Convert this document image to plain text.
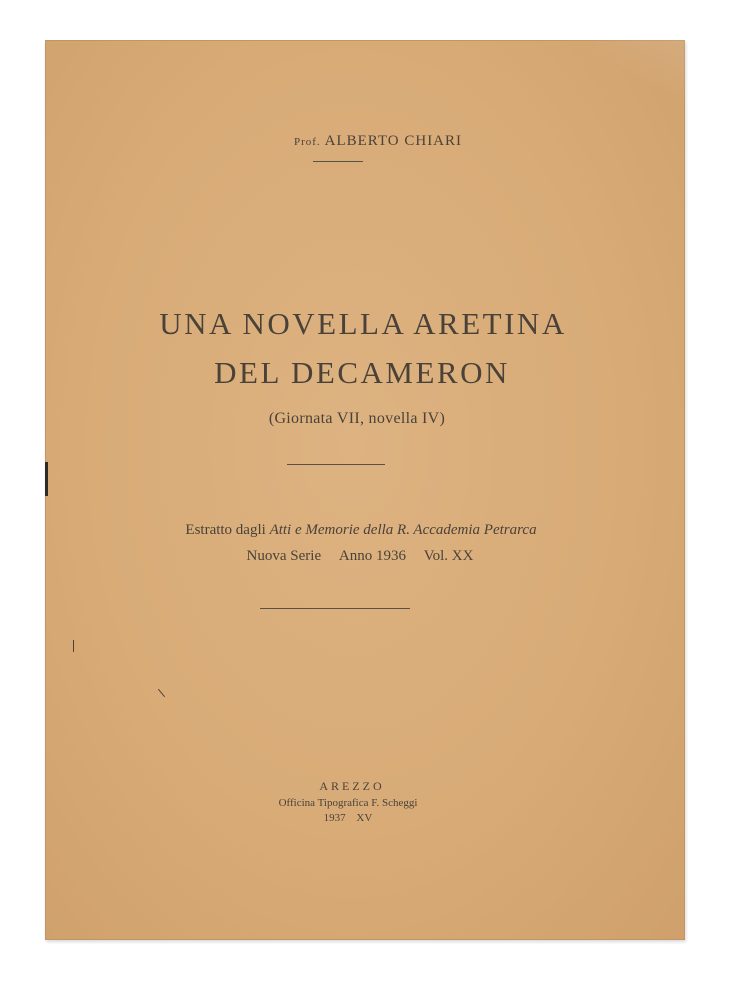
Prof. ALBERTO CHIARI
UNA NOVELLA ARETINA
DEL DECAMERON
(Giornata VII, novella IV)
Estratto dagli Atti e Memorie della R. Accademia Petrarca
Nuova Serie Anno 1936 Vol. XX
AREZZO
Officina Tipografica F. Scheggi
1937 XV
